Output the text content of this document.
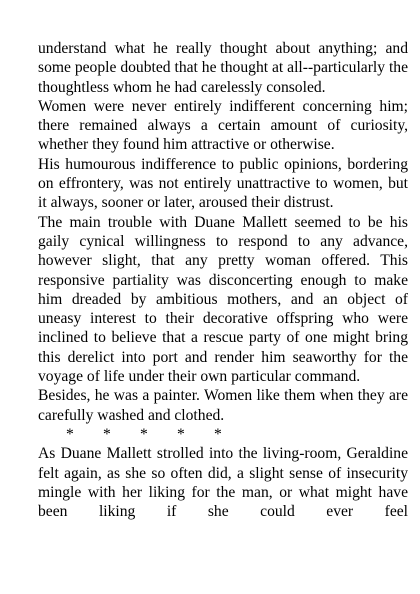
understand what he really thought about anything; and some people doubted that he thought at all--particularly the thoughtless whom he had carelessly consoled.

Women were never entirely indifferent concerning him; there remained always a certain amount of curiosity, whether they found him attractive or otherwise.

His humourous indifference to public opinions, bordering on effrontery, was not entirely unattractive to women, but it always, sooner or later, aroused their distrust.

The main trouble with Duane Mallett seemed to be his gaily cynical willingness to respond to any advance, however slight, that any pretty woman offered. This responsive partiality was disconcerting enough to make him dreaded by ambitious mothers, and an object of uneasy interest to their decorative offspring who were inclined to believe that a rescue party of one might bring this derelict into port and render him seaworthy for the voyage of life under their own particular command.

Besides, he was a painter. Women like them when they are carefully washed and clothed.

* * * * *

As Duane Mallett strolled into the living-room, Geraldine felt again, as she so often did, a slight sense of insecurity mingle with her liking for the man, or what might have been liking if she could ever feel
